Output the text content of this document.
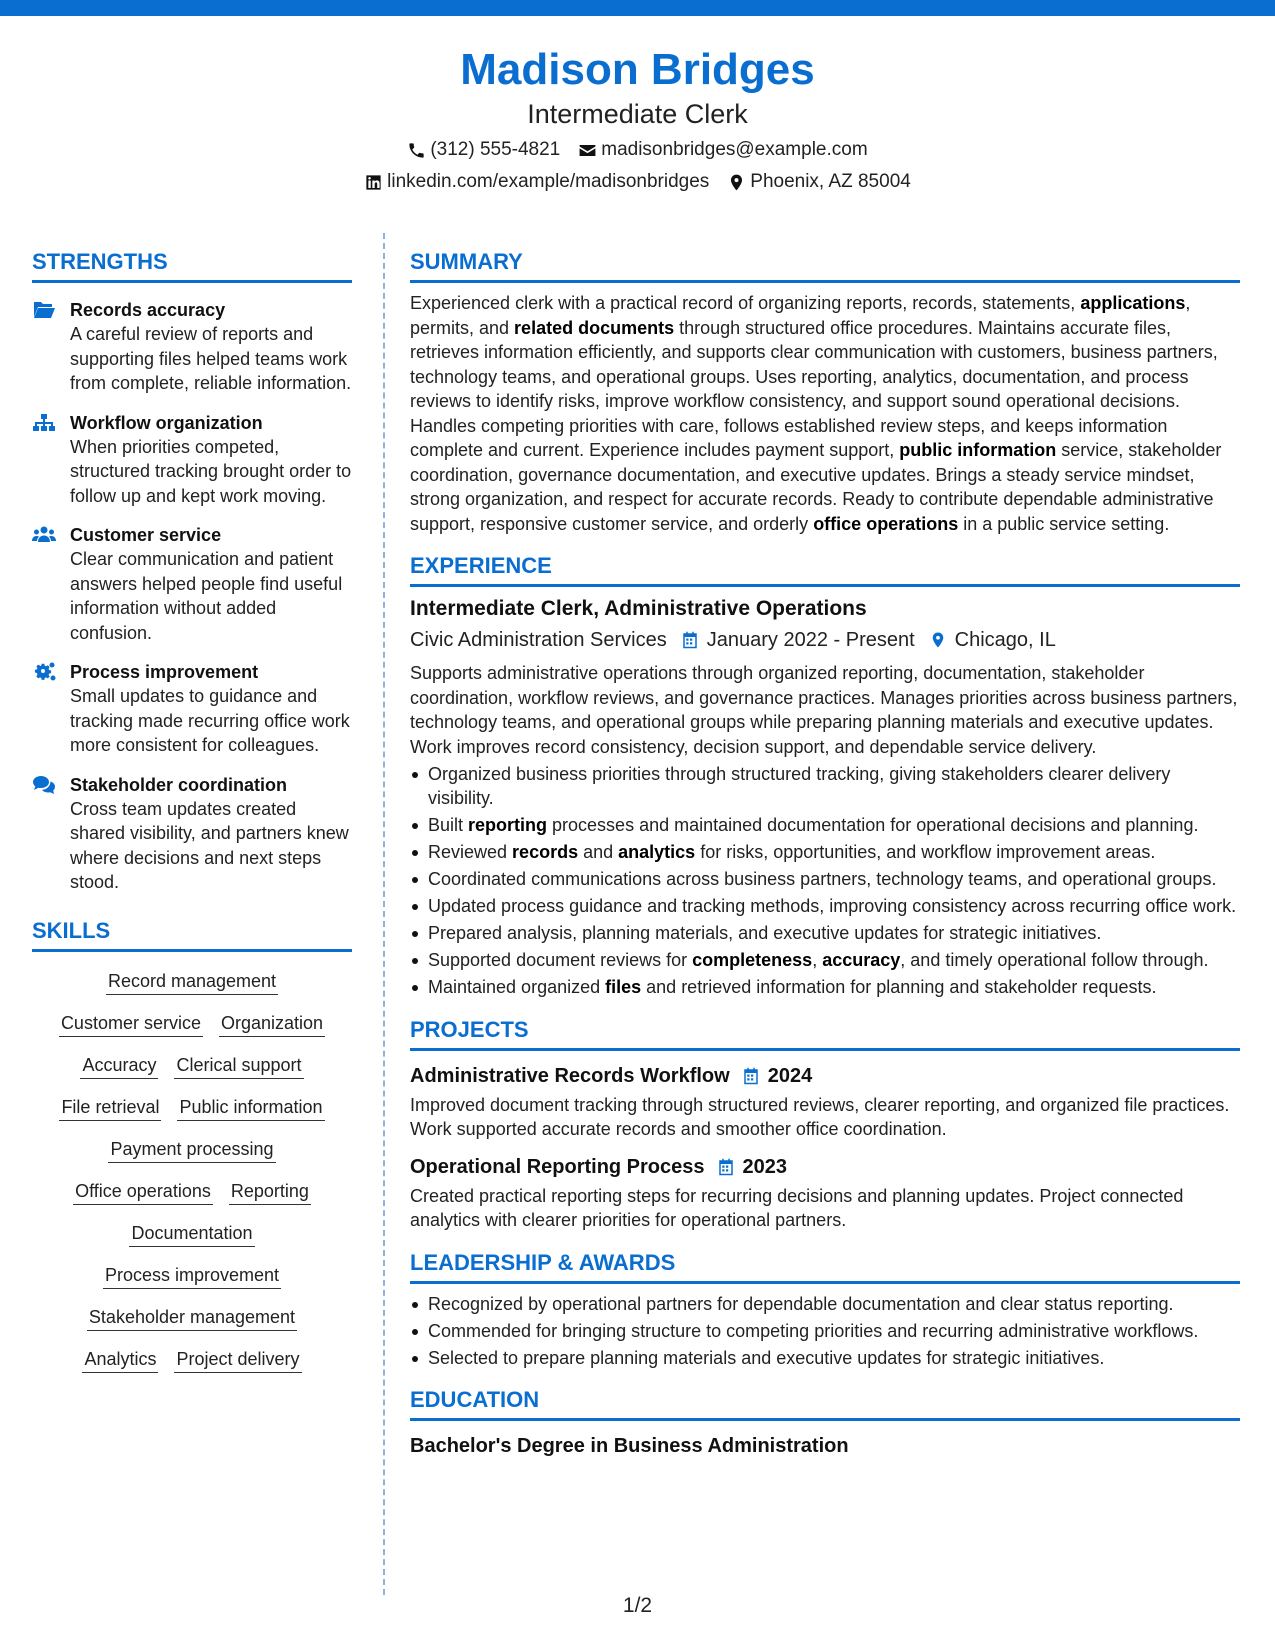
Madison Bridges
Intermediate Clerk
(312) 555-4821 madisonbridges@example.com
linkedin.com/example/madisonbridges Phoenix, AZ 85004
STRENGTHS
Records accuracy
A careful review of reports and supporting files helped teams work from complete, reliable information.
Workflow organization
When priorities competed, structured tracking brought order to follow up and kept work moving.
Customer service
Clear communication and patient answers helped people find useful information without added confusion.
Process improvement
Small updates to guidance and tracking made recurring office work more consistent for colleagues.
Stakeholder coordination
Cross team updates created shared visibility, and partners knew where decisions and next steps stood.
SKILLS
Record management
Customer service Organization
Accuracy Clerical support
File retrieval Public information
Payment processing
Office operations Reporting
Documentation
Process improvement
Stakeholder management
Analytics Project delivery
SUMMARY
Experienced clerk with a practical record of organizing reports, records, statements, applications, permits, and related documents through structured office procedures. Maintains accurate files, retrieves information efficiently, and supports clear communication with customers, business partners, technology teams, and operational groups. Uses reporting, analytics, documentation, and process reviews to identify risks, improve workflow consistency, and support sound operational decisions. Handles competing priorities with care, follows established review steps, and keeps information complete and current. Experience includes payment support, public information service, stakeholder coordination, governance documentation, and executive updates. Brings a steady service mindset, strong organization, and respect for accurate records. Ready to contribute dependable administrative support, responsive customer service, and orderly office operations in a public service setting.
EXPERIENCE
Intermediate Clerk, Administrative Operations
Civic Administration Services January 2022 - Present Chicago, IL
Supports administrative operations through organized reporting, documentation, stakeholder coordination, workflow reviews, and governance practices. Manages priorities across business partners, technology teams, and operational groups while preparing planning materials and executive updates. Work improves record consistency, decision support, and dependable service delivery.
Organized business priorities through structured tracking, giving stakeholders clearer delivery visibility.
Built reporting processes and maintained documentation for operational decisions and planning.
Reviewed records and analytics for risks, opportunities, and workflow improvement areas.
Coordinated communications across business partners, technology teams, and operational groups.
Updated process guidance and tracking methods, improving consistency across recurring office work.
Prepared analysis, planning materials, and executive updates for strategic initiatives.
Supported document reviews for completeness, accuracy, and timely operational follow through.
Maintained organized files and retrieved information for planning and stakeholder requests.
PROJECTS
Administrative Records Workflow 2024
Improved document tracking through structured reviews, clearer reporting, and organized file practices. Work supported accurate records and smoother office coordination.
Operational Reporting Process 2023
Created practical reporting steps for recurring decisions and planning updates. Project connected analytics with clearer priorities for operational partners.
LEADERSHIP & AWARDS
Recognized by operational partners for dependable documentation and clear status reporting.
Commended for bringing structure to competing priorities and recurring administrative workflows.
Selected to prepare planning materials and executive updates for strategic initiatives.
EDUCATION
Bachelor's Degree in Business Administration
1/2
